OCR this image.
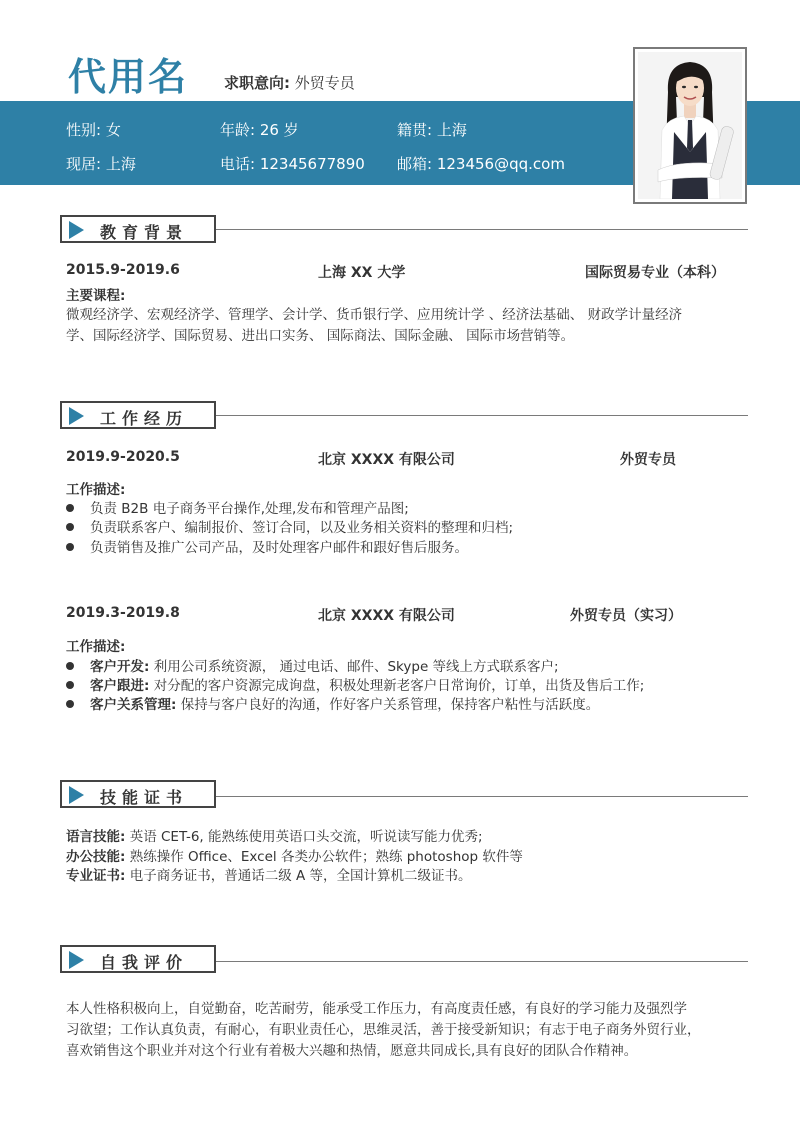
代用名 求职意向: 外贸专员
性别: 女	年龄: 26 岁	籍贯: 上海
现居: 上海	电话: 12345677890 邮箱: 123456@qq.com
教育背景
2015.9-2019.6	上海 XX 大学	国际贸易专业（本科）
主要课程:
微观经济学、宏观经济学、管理学、会计学、货币银行学、应用统计学 、经济法基础、 财政学计量经济
学、国际经济学、国际贸易、进出口实务、 国际商法、国际金融、 国际市场营销等。
工作经历
2019.9-2020.5	北京 XXXX 有限公司	外贸专员
工作描述:
负责 B2B 电子商务平台操作,处理,发布和管理产品图;
负责联系客户、编制报价、签订合同，以及业务相关资料的整理和归档;
负责销售及推广公司产品，及时处理客户邮件和跟好售后服务。
2019.3-2019.8	北京 XXXX 有限公司	外贸专员（实习）
工作描述:
客户开发: 利用公司系统资源， 通过电话、邮件、Skype 等线上方式联系客户;
客户跟进: 对分配的客户资源完成询盘，积极处理新老客户日常询价，订单，出货及售后工作;
客户关系管理: 保持与客户良好的沟通，作好客户关系管理，保持客户粘性与活跃度。
技能证书
语言技能: 英语 CET-6, 能熟练使用英语口头交流，听说读写能力优秀;
办公技能: 熟练操作 Office、Excel 各类办公软件；熟练 photoshop 软件等
专业证书: 电子商务证书，普通话二级 A 等，全国计算机二级证书。
自我评价
本人性格积极向上，自觉勤奋，吃苦耐劳，能承受工作压力，有高度责任感，有良好的学习能力及强烈学
习欲望；工作认真负责，有耐心，有职业责任心，思维灵活，善于接受新知识；有志于电子商务外贸行业，
喜欢销售这个职业并对这个行业有着极大兴趣和热情，愿意共同成长,具有良好的团队合作精神。
